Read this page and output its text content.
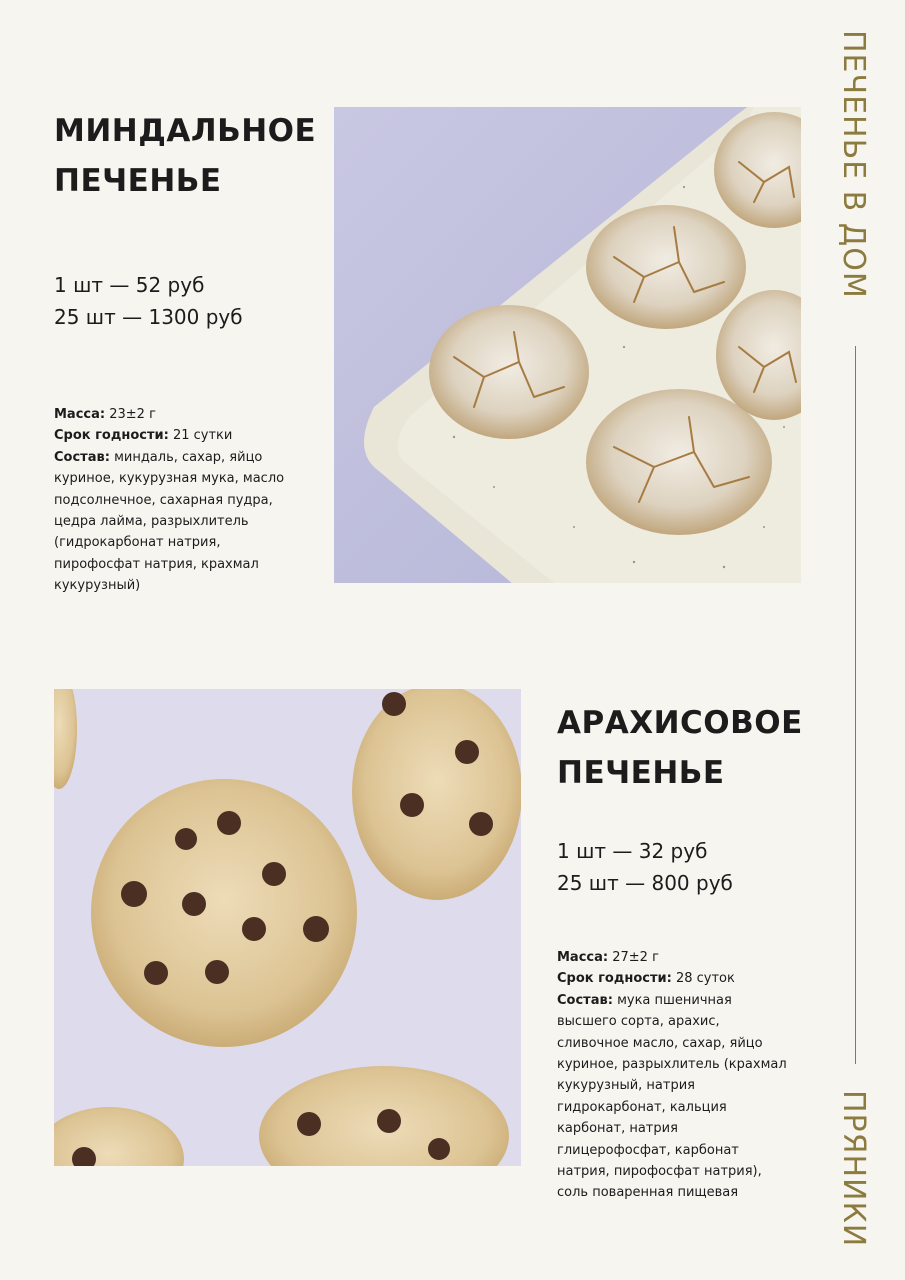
ПЕЧЕНЬЕ В ДОМ
ПРЯНИКИ
МИНДАЛЬНОЕ
ПЕЧЕНЬЕ
1 шт — 52 руб
25 шт — 1300 руб

Масса: 23±2 г

Срок годности: 21 сутки

Состав: миндаль, сахар, яйцо куриное, кукурузная мука, масло подсолнечное, сахарная пудра, цедра лайма, разрыхлитель (гидрокарбонат натрия, пирофосфат натрия, крахмал кукурузный)

АРАХИСОВОЕ
ПЕЧЕНЬЕ
1 шт — 32 руб
25 шт — 800 руб

Масса: 27±2 г

Срок годности: 28 суток

Состав: мука пшеничная высшего сорта, арахис, сливочное масло, сахар, яйцо куриное, разрыхлитель (крахмал кукурузный, натрия гидрокарбонат, кальция карбонат, натрия глицерофосфат, карбонат натрия, пирофосфат натрия), соль поваренная пищевая
